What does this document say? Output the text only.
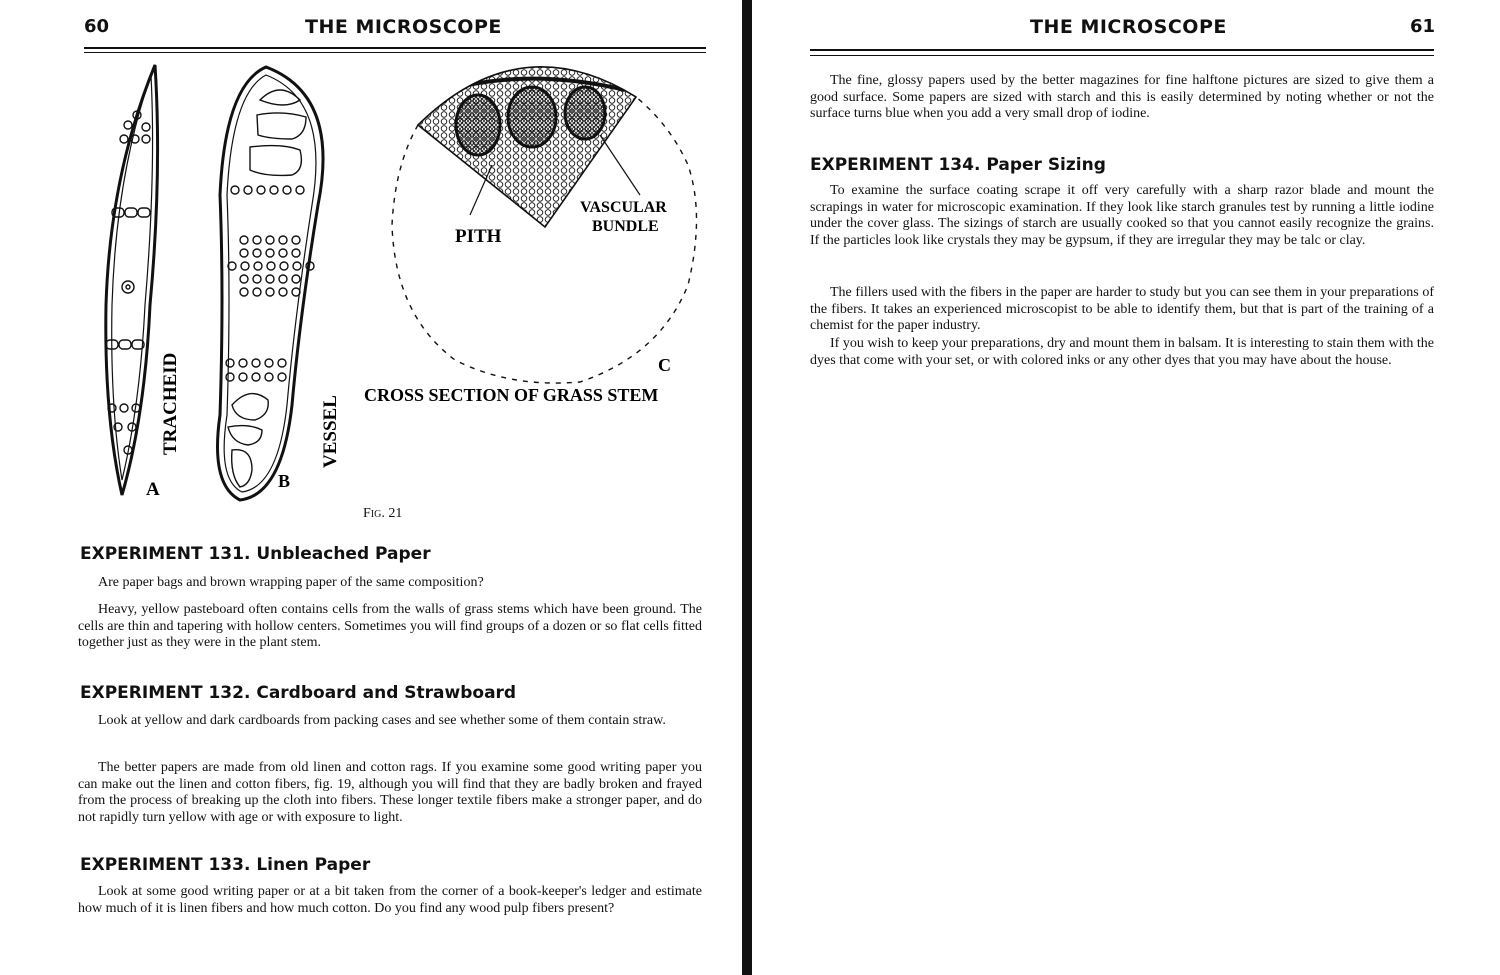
60	THE MICROSCOPE
TRACHEID	VESSEL
A	B
C
PITH
VASCULAR
BUNDLE
CROSS SECTION OF GRASS STEM
Fig. 21
EXPERIMENT 131. Unbleached Paper
Are paper bags and brown wrapping paper of the same composition?
Heavy, yellow pasteboard often contains cells from the walls of grass stems which have been ground. The cells are thin and tapering with hollow centers. Sometimes you will find groups of a dozen or so flat cells fitted together just as they were in the plant stem.
EXPERIMENT 132. Cardboard and Strawboard
Look at yellow and dark cardboards from packing cases and see whether some of them contain straw.
The better papers are made from old linen and cotton rags. If you examine some good writing paper you can make out the linen and cotton fibers, fig. 19, although you will find that they are badly broken and frayed from the process of breaking up the cloth into fibers. These longer textile fibers make a stronger paper, and do not rapidly turn yellow with age or with exposure to light.
EXPERIMENT 133. Linen Paper
Look at some good writing paper or at a bit taken from the corner of a book-keeper's ledger and estimate how much of it is linen fibers and how much cotton. Do you find any wood pulp fibers present?
THE MICROSCOPE	61
The fine, glossy papers used by the better magazines for fine halftone pictures are sized to give them a good surface. Some papers are sized with starch and this is easily determined by noting whether or not the surface turns blue when you add a very small drop of iodine.
EXPERIMENT 134. Paper Sizing
To examine the surface coating scrape it off very carefully with a sharp razor blade and mount the scrapings in water for microscopic examination. If they look like starch granules test by running a little iodine under the cover glass. The sizings of starch are usually cooked so that you cannot easily recognize the grains. If the particles look like crystals they may be gypsum, if they are irregular they may be talc or clay.
The fillers used with the fibers in the paper are harder to study but you can see them in your preparations of the fibers. It takes an experienced microscopist to be able to identify them, but that is part of the training of a chemist for the paper industry.
If you wish to keep your preparations, dry and mount them in balsam. It is interesting to stain them with the dyes that come with your set, or with colored inks or any other dyes that you may have about the house.
